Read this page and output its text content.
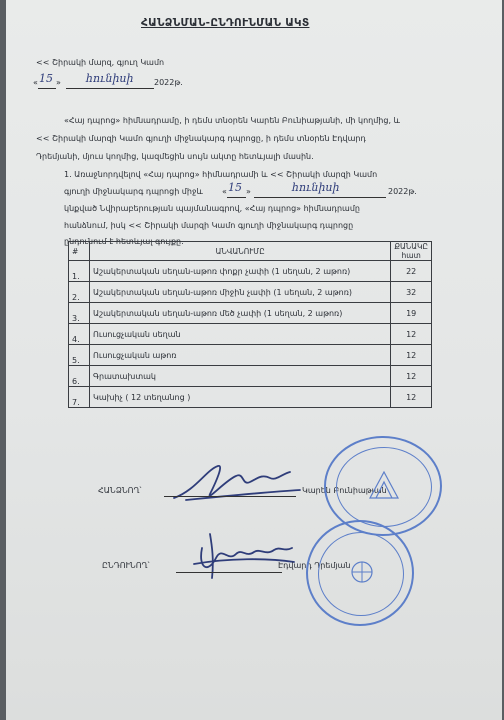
ՀԱՆՁՆՄԱՆ-ԸՆԴՈՒՆՄԱՆ ԱԿՏ
<< Շիրակի մարզ, գյուղ Կամո
« 15 » հունիսի	2022թ.
«Հայ դպրոց» հիմնադրամը, ի դեմս տնօրեն Կարեն Բունիաթյանի, մի կողմից, և
<< Շիրակի մարզի Կամո գյուղի միջնակարգ դպրոցը, ի դեմս տնօրեն Էդվարդ
Դրեմյանի, մյուս կողմից, կազմեցին սույն ակտը հետևյալի մասին.
1. Առաջնորդվելով «Հայ դպրոց» հիմնադրամի և << Շիրակի մարզի Կամո
գյուղի միջնակարգ դպրոցի միջև « 15 »	հունիսի	2022թ.
կնքված Նվիրաբերության պայմանագրով, «Հայ դպրոց» հիմնադրամը
հանձնում, իսկ << Շիրակի մարզի Կամո գյուղի միջնակարգ դպրոցը
ընդունում է հետևյալ գույքը.
#	ԱՆՎԱՆՈՒՄԸ	ՔԱՆԱԿԸ
հատ

1.	Աշակերտական սեղան-աթոռ փոքր չափի (1 սեղան, 2 աթոռ)	22
2.	Աշակերտական սեղան-աթոռ միջին չափի (1 սեղան, 2 աթոռ)	32
3.	Աշակերտական սեղան-աթոռ մեծ չափի (1 սեղան, 2 աթոռ)	19
4.	Ուսուցչական սեղան	12
5.	Ուսուցչական աթոռ	12
6.	Գրատախտակ	12
7.	Կախիչ ( 12 տեղանոց )	12
ՀԱՆՁՆՈՂ՝	Կարեն Բունիաթյան
ԸՆԴՈՒՆՈՂ՝	Էդվարդ Դրեմյան
